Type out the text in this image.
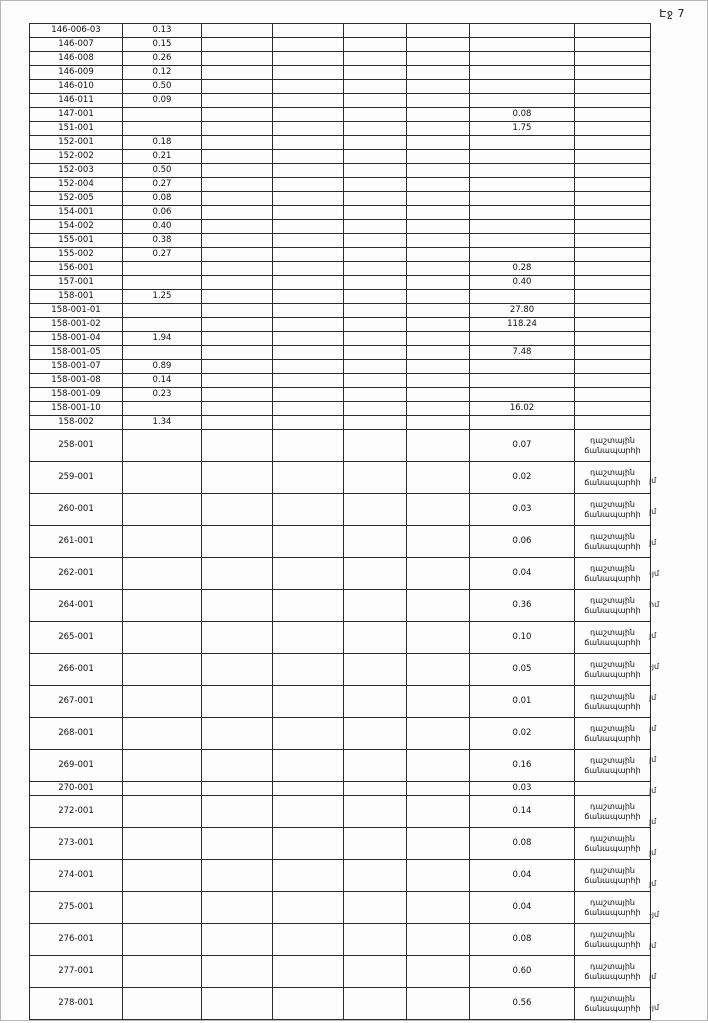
Էջ 7
146-006-03	0.13						
146-007	0.15						
146-008	0.26						
146-009	0.12						
146-010	0.50						
146-011	0.09						
147-001						0.08	
151-001						1.75	
152-001	0.18						
152-002	0.21						
152-003	0.50						
152-004	0.27						
152-005	0.08						
154-001	0.06						
154-002	0.40						
155-001	0.38						
155-002	0.27						
156-001						0.28	
157-001						0.40	
158-001	1.25						
158-001-01						27.80	
158-001-02						118.24	
158-001-04	1.94						
158-001-05						7.48	
158-001-07	0.89						
158-001-08	0.14						
158-001-09	0.23						
158-001-10						16.02	
158-002	1.34						
258-001						0.07	դաշտային
ճանապարհի

259-001						0.02	դաշտային
ճանապարհի

260-001						0.03	դաշտային
ճանապարհի

261-001						0.06	դաշտային
ճանապարհի

262-001						0.04	դաշտային
ճանապարհի

264-001						0.36	դաշտային
ճանապարհի

265-001						0.10	դաշտային
ճանապարհի

266-001						0.05	դաշտային
ճանապարհի

267-001						0.01	դաշտային
ճանապարհի

268-001						0.02	դաշտային
ճանապարհի

269-001						0.16	դաշտային
ճանապարհի

270-001						0.03	
272-001						0.14	դաշտային
ճանապարհի

273-001						0.08	դաշտային
ճանապարհի

274-001						0.04	դաշտային
ճանապարհի

275-001						0.04	դաշտային
ճանապարհի

276-001						0.08	դաշտային
ճանապարհի

277-001						0.60	դաշտային
ճանապարհի

278-001						0.56	դաշտային
ճանապարհի
յմ
յմ
յմ
-յմ
հմ
յմ
-յմ
յմ
յմ
յմ
յմ
յմ
յմ
յմ
-յմ
յմ
յմ
-յմ
